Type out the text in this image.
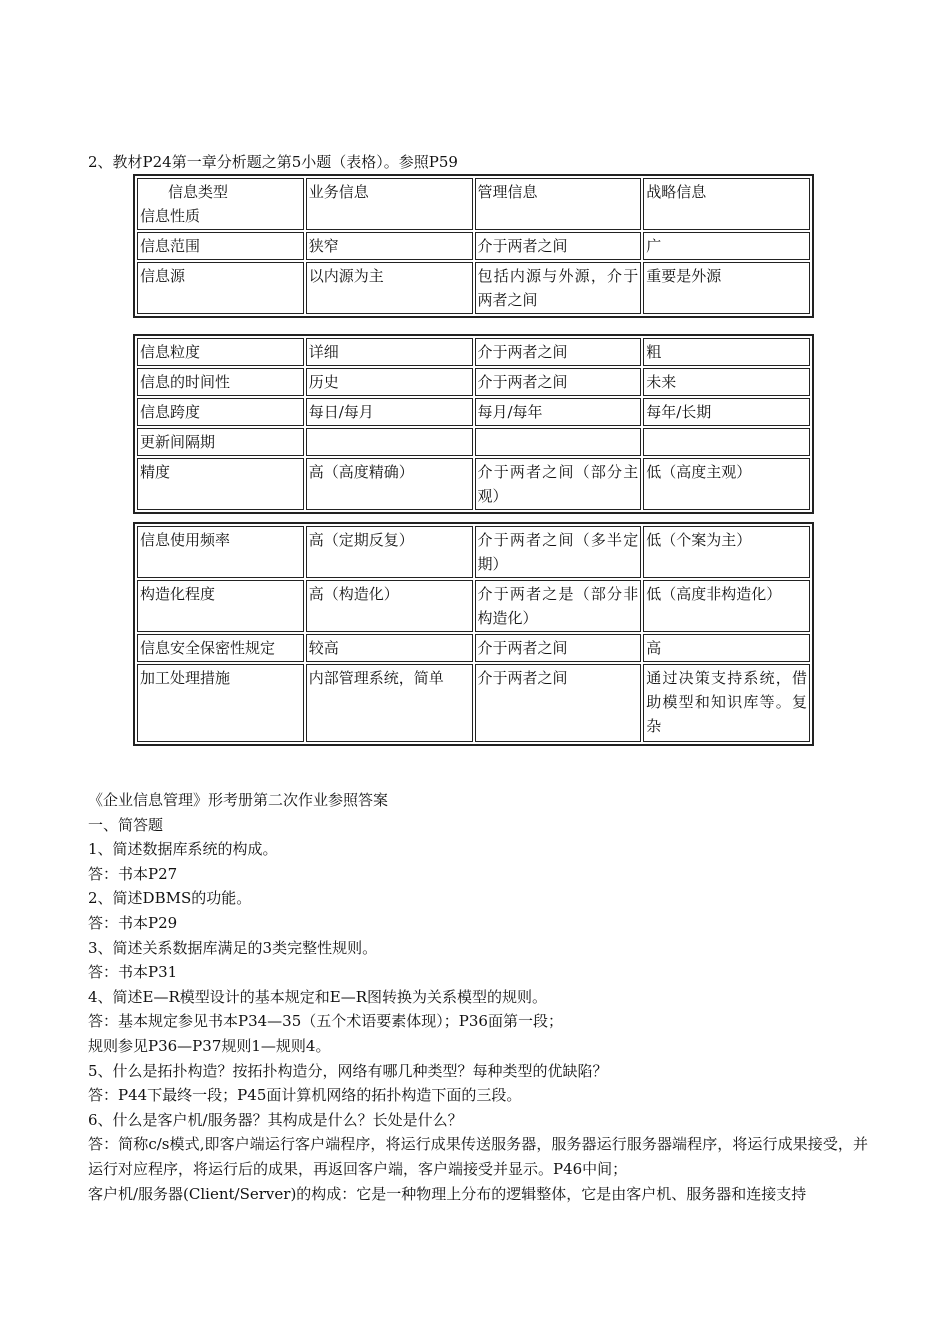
2、教材P24第一章分析题之第5小题（表格）。参照P59
信息类型
信息性质	业务信息	管理信息	战略信息
信息范围	狭窄	介于两者之间	广
信息源	以内源为主	包括内源与外源，介于两者之间	重要是外源
信息粒度	详细	介于两者之间	粗
信息的时间性	历史	介于两者之间	未来
信息跨度	每日/每月	每月/每年	每年/长期
更新间隔期			
精度	高（高度精确）	介于两者之间（部分主观）	低（高度主观）
信息使用频率	高（定期反复）	介于两者之间（多半定期）	低（个案为主）
构造化程度	高（构造化）	介于两者之是（部分非构造化）	低（高度非构造化）
信息安全保密性规定	较高	介于两者之间	高
加工处理措施	内部管理系统，简单	介于两者之间	通过决策支持系统，借助模型和知识库等。复杂

《企业信息管理》形考册第二次作业参照答案

一、简答题

1、简述数据库系统的构成。

答：书本P27

2、简述DBMS的功能。

答：书本P29

3、简述关系数据库满足的3类完整性规则。

答：书本P31

4、简述E—R模型设计的基本规定和E—R图转换为关系模型的规则。

答：基本规定参见书本P34—35（五个术语要素体现）；P36面第一段；

规则参见P36—P37规则1—规则4。

5、什么是拓扑构造？按拓扑构造分，网络有哪几种类型？每种类型的优缺陷？

答：P44下最终一段；P45面计算机网络的拓扑构造下面的三段。

6、什么是客户机/服务器？其构成是什么？长处是什么？

答：简称c/s模式,即客户端运行客户端程序，将运行成果传送服务器，服务器运行服务器端程序，将运行成果接受，并运行对应程序，将运行后的成果，再返回客户端，客户端接受并显示。P46中间；

客户机/服务器(Client/Server)的构成：它是一种物理上分布的逻辑整体，它是由客户机、服务器和连接支持
